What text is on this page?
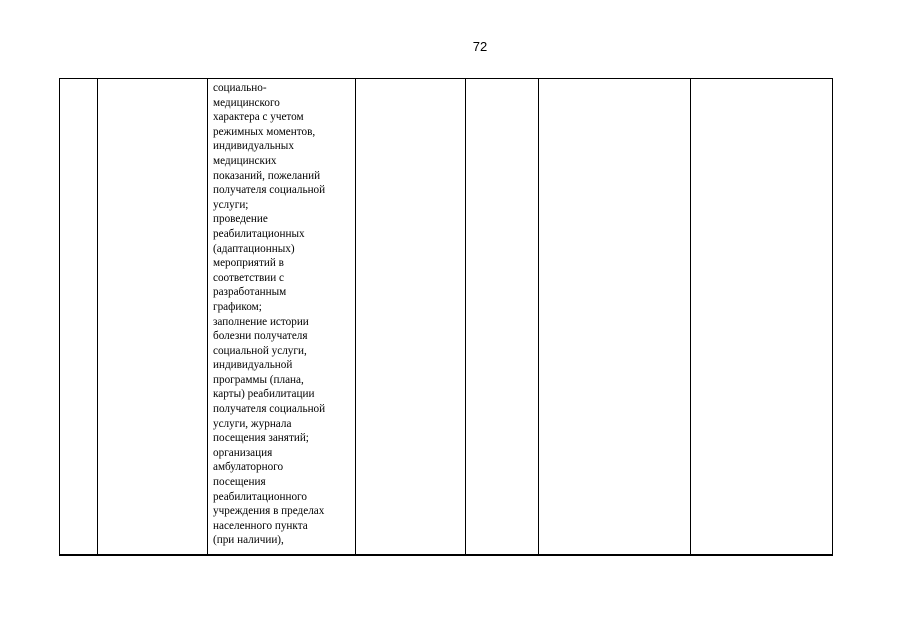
72

социально-
медицинского
характера с учетом
режимных моментов,
индивидуальных
медицинских
показаний, пожеланий
получателя социальной
услуги;
проведение
реабилитационных
(адаптационных)
мероприятий в
соответствии с
разработанным
графиком;
заполнение истории
болезни получателя
социальной услуги,
индивидуальной
программы (плана,
карты) реабилитации
получателя социальной
услуги, журнала
посещения занятий;
организация
амбулаторного
посещения
реабилитационного
учреждения в пределах
населенного пункта
(при наличии),
